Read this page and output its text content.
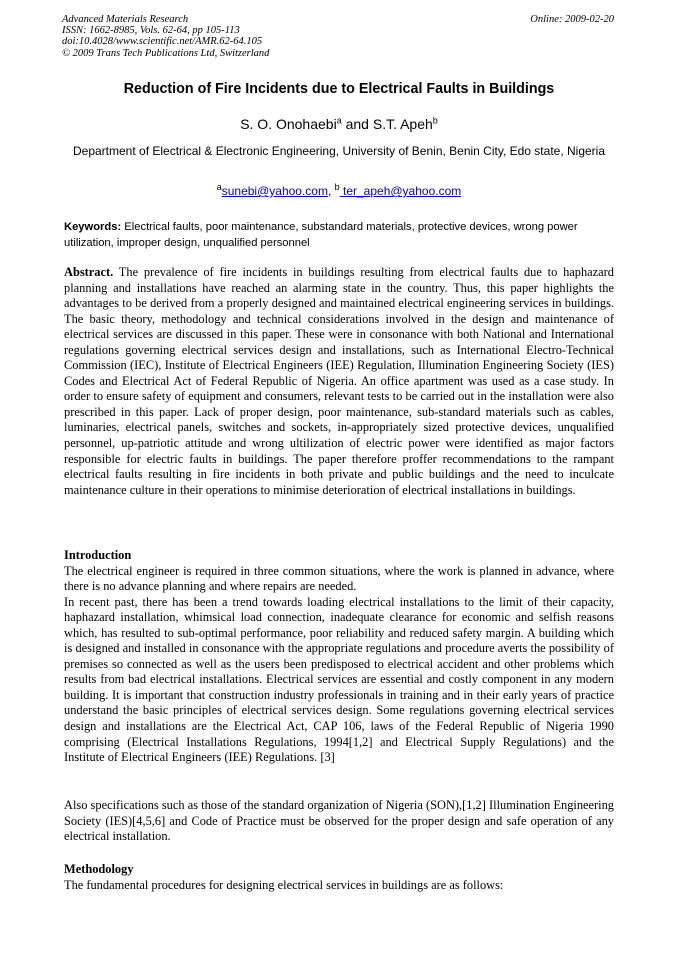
Advanced Materials Research
ISSN: 1662-8985, Vols. 62-64, pp 105-113
doi:10.4028/www.scientific.net/AMR.62-64.105
© 2009 Trans Tech Publications Ltd, Switzerland
Online: 2009-02-20
Reduction of Fire Incidents due to Electrical Faults in Buildings
S. O. Onohaebi$^a$ and S.T. Apeh$^b$
Department of Electrical & Electronic Engineering, University of Benin, Benin City, Edo state, Nigeria
$^a$sunebi@yahoo.com, $^b$ ter_apeh@yahoo.com
Keywords: Electrical faults, poor maintenance, substandard materials, protective devices, wrong power utilization, improper design, unqualified personnel
Abstract. The prevalence of fire incidents in buildings resulting from electrical faults due to haphazard planning and installations have reached an alarming state in the country. Thus, this paper highlights the advantages to be derived from a properly designed and maintained electrical engineering services in buildings. The basic theory, methodology and technical considerations involved in the design and maintenance of electrical services are discussed in this paper. These were in consonance with both National and International regulations governing electrical services design and installations, such as International Electro-Technical Commission (IEC), Institute of Electrical Engineers (IEE) Regulation, Illumination Engineering Society (IES) Codes and Electrical Act of Federal Republic of Nigeria. An office apartment was used as a case study. In order to ensure safety of equipment and consumers, relevant tests to be carried out in the installation were also prescribed in this paper. Lack of proper design, poor maintenance, sub-standard materials such as cables, luminaries, electrical panels, switches and sockets, in-appropriately sized protective devices, unqualified personnel, up-patriotic attitude and wrong ultilization of electric power were identified as major factors responsible for electric faults in buildings. The paper therefore proffer recommendations to the rampant electrical faults resulting in fire incidents in both private and public buildings and the need to inculcate maintenance culture in their operations to minimise deterioration of electrical installations in buildings.
Introduction

The electrical engineer is required in three common situations, where the work is planned in advance, where there is no advance planning and where repairs are needed.

In recent past, there has been a trend towards loading electrical installations to the limit of their capacity, haphazard installation, whimsical load connection, inadequate clearance for economic and selfish reasons which, has resulted to sub-optimal performance, poor reliability and reduced safety margin. A building which is designed and installed in consonance with the appropriate regulations and procedure averts the possibility of premises so connected as well as the users been predisposed to electrical accident and other problems which results from bad electrical installations. Electrical services are essential and costly component in any modern building. It is important that construction industry professionals in training and in their early years of practice understand the basic principles of electrical services design. Some regulations governing electrical services design and installations are the Electrical Act, CAP 106, laws of the Federal Republic of Nigeria 1990 comprising (Electrical Installations Regulations, 1994[1,2] and Electrical Supply Regulations) and the Institute of Electrical Engineers (IEE) Regulations. [3]

Also specifications such as those of the standard organization of Nigeria (SON),[1,2] Illumination Engineering Society (IES)[4,5,6] and Code of Practice must be observed for the proper design and safe operation of any electrical installation.

Methodology

The fundamental procedures for designing electrical services in buildings are as follows:
